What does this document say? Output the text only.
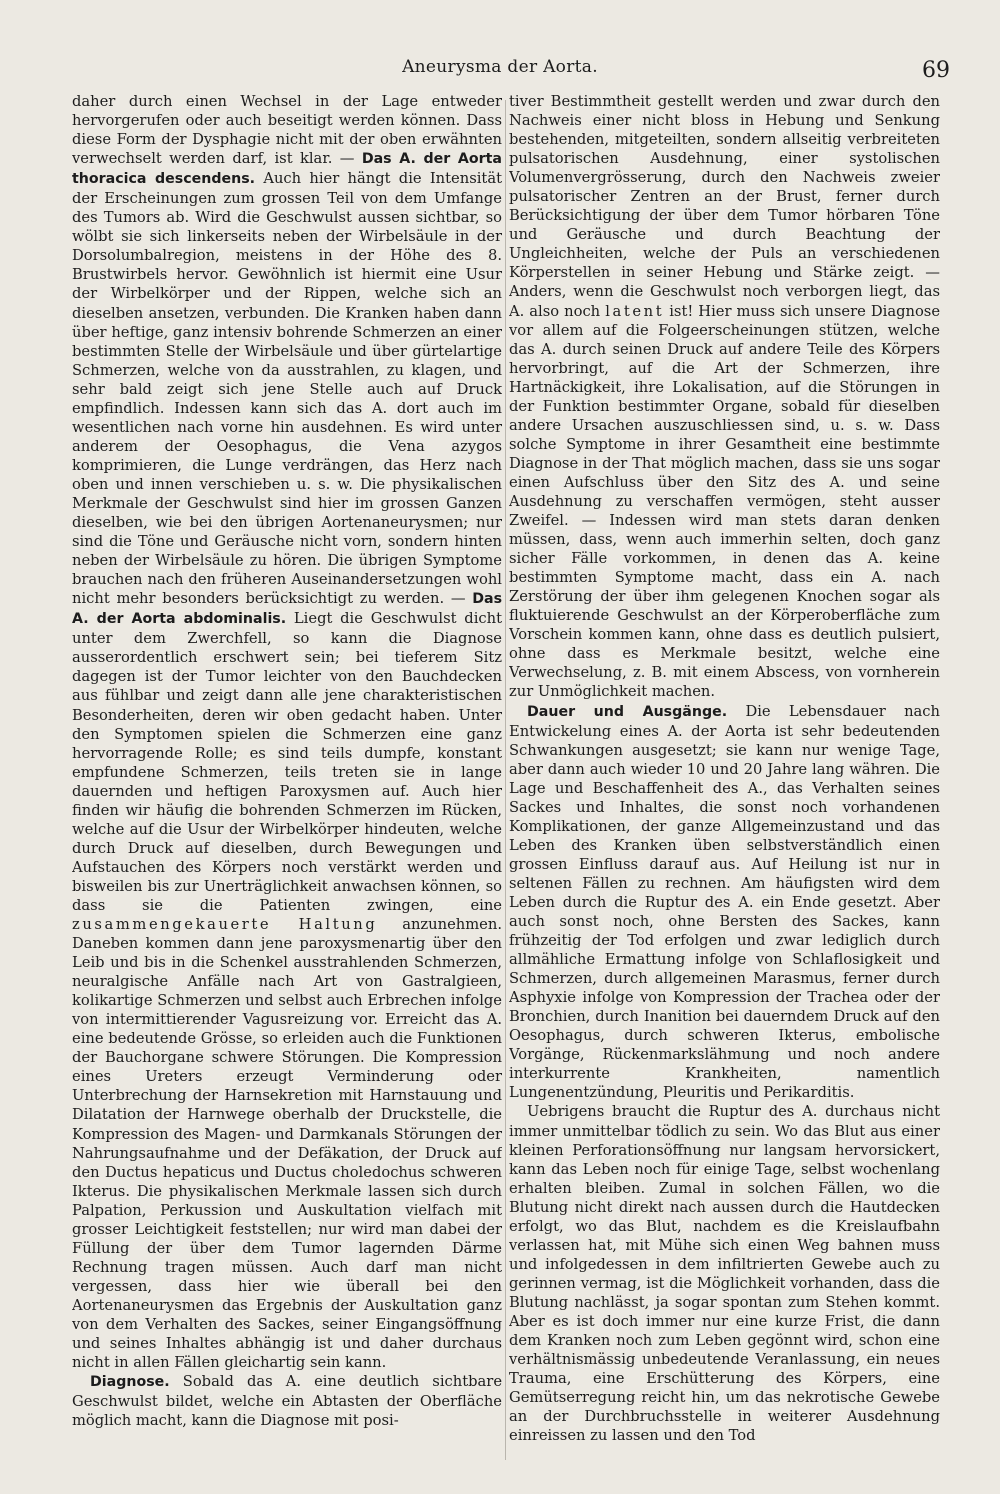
Aneurysma der Aorta.	69

daher durch einen Wechsel in der Lage entweder hervorgerufen oder auch beseitigt werden können. Dass diese Form der Dysphagie nicht mit der oben erwähnten verwechselt werden darf, ist klar. — Das A. der Aorta thoracica descendens. Auch hier hängt die Intensität der Erscheinungen zum grossen Teil von dem Umfange des Tumors ab. Wird die Geschwulst aussen sichtbar, so wölbt sie sich linkerseits neben der Wirbelsäule in der Dorsolumbalregion, meistens in der Höhe des 8. Brustwirbels hervor. Gewöhnlich ist hiermit eine Usur der Wirbelkörper und der Rippen, welche sich an dieselben ansetzen, verbunden. Die Kranken haben dann über heftige, ganz intensiv bohrende Schmerzen an einer bestimmten Stelle der Wirbelsäule und über gürtelartige Schmerzen, welche von da ausstrahlen, zu klagen, und sehr bald zeigt sich jene Stelle auch auf Druck empfindlich. Indessen kann sich das A. dort auch im wesentlichen nach vorne hin ausdehnen. Es wird unter anderem der Oesophagus, die Vena azygos komprimieren, die Lunge verdrängen, das Herz nach oben und innen verschieben u. s. w. Die physikalischen Merkmale der Geschwulst sind hier im grossen Ganzen dieselben, wie bei den übrigen Aortenaneurysmen; nur sind die Töne und Geräusche nicht vorn, sondern hinten neben der Wirbelsäule zu hören. Die übrigen Symptome brauchen nach den früheren Auseinandersetzungen wohl nicht mehr besonders berücksichtigt zu werden. — Das A. der Aorta abdominalis. Liegt die Geschwulst dicht unter dem Zwerchfell, so kann die Diagnose ausserordentlich erschwert sein; bei tieferem Sitz dagegen ist der Tumor leichter von den Bauchdecken aus fühlbar und zeigt dann alle jene charakteristischen Besonderheiten, deren wir oben gedacht haben. Unter den Symptomen spielen die Schmerzen eine ganz hervorragende Rolle; es sind teils dumpfe, konstant empfundene Schmerzen, teils treten sie in lange dauernden und heftigen Paroxysmen auf. Auch hier finden wir häufig die bohrenden Schmerzen im Rücken, welche auf die Usur der Wirbelkörper hindeuten, welche durch Druck auf dieselben, durch Bewegungen und Aufstauchen des Körpers noch verstärkt werden und bisweilen bis zur Unerträglichkeit anwachsen können, so dass sie die Patienten zwingen, eine zusammengekauerte Haltung anzunehmen. Daneben kommen dann jene paroxysmenartig über den Leib und bis in die Schenkel ausstrahlenden Schmerzen, neuralgische Anfälle nach Art von Gastralgieen, kolikartige Schmerzen und selbst auch Erbrechen infolge von intermittierender Vagusreizung vor. Erreicht das A. eine bedeutende Grösse, so erleiden auch die Funktionen der Bauchorgane schwere Störungen. Die Kompression eines Ureters erzeugt Verminderung oder Unterbrechung der Harnsekretion mit Harnstauung und Dilatation der Harnwege oberhalb der Druckstelle, die Kompression des Magen- und Darmkanals Störungen der Nahrungsaufnahme und der Defäkation, der Druck auf den Ductus hepaticus und Ductus choledochus schweren Ikterus. Die physikalischen Merkmale lassen sich durch Palpation, Perkussion und Auskultation vielfach mit grosser Leichtigkeit feststellen; nur wird man dabei der Füllung der über dem Tumor lagernden Därme Rechnung tragen müssen. Auch darf man nicht vergessen, dass hier wie überall bei den Aortenaneurysmen das Ergebnis der Auskultation ganz von dem Verhalten des Sackes, seiner Eingangsöffnung und seines Inhaltes abhängig ist und daher durchaus nicht in allen Fällen gleichartig sein kann.

Diagnose. Sobald das A. eine deutlich sichtbare Geschwulst bildet, welche ein Abtasten der Oberfläche möglich macht, kann die Diagnose mit posi-

tiver Bestimmtheit gestellt werden und zwar durch den Nachweis einer nicht bloss in Hebung und Senkung bestehenden, mitgeteilten, sondern allseitig verbreiteten pulsatorischen Ausdehnung, einer systolischen Volumenvergrösserung, durch den Nachweis zweier pulsatorischer Zentren an der Brust, ferner durch Berücksichtigung der über dem Tumor hörbaren Töne und Geräusche und durch Beachtung der Ungleichheiten, welche der Puls an verschiedenen Körperstellen in seiner Hebung und Stärke zeigt. — Anders, wenn die Geschwulst noch verborgen liegt, das A. also noch latent ist! Hier muss sich unsere Diagnose vor allem auf die Folgeerscheinungen stützen, welche das A. durch seinen Druck auf andere Teile des Körpers hervorbringt, auf die Art der Schmerzen, ihre Hartnäckigkeit, ihre Lokalisation, auf die Störungen in der Funktion bestimmter Organe, sobald für dieselben andere Ursachen auszuschliessen sind, u. s. w. Dass solche Symptome in ihrer Gesamtheit eine bestimmte Diagnose in der That möglich machen, dass sie uns sogar einen Aufschluss über den Sitz des A. und seine Ausdehnung zu verschaffen vermögen, steht ausser Zweifel. — Indessen wird man stets daran denken müssen, dass, wenn auch immerhin selten, doch ganz sicher Fälle vorkommen, in denen das A. keine bestimmten Symptome macht, dass ein A. nach Zerstörung der über ihm gelegenen Knochen sogar als fluktuierende Geschwulst an der Körperoberfläche zum Vorschein kommen kann, ohne dass es deutlich pulsiert, ohne dass es Merkmale besitzt, welche eine Verwechselung, z. B. mit einem Abscess, von vornherein zur Unmöglichkeit machen.

Dauer und Ausgänge. Die Lebensdauer nach Entwickelung eines A. der Aorta ist sehr bedeutenden Schwankungen ausgesetzt; sie kann nur wenige Tage, aber dann auch wieder 10 und 20 Jahre lang währen. Die Lage und Beschaffenheit des A., das Verhalten seines Sackes und Inhaltes, die sonst noch vorhandenen Komplikationen, der ganze Allgemeinzustand und das Leben des Kranken üben selbstverständlich einen grossen Einfluss darauf aus. Auf Heilung ist nur in seltenen Fällen zu rechnen. Am häufigsten wird dem Leben durch die Ruptur des A. ein Ende gesetzt. Aber auch sonst noch, ohne Bersten des Sackes, kann frühzeitig der Tod erfolgen und zwar lediglich durch allmähliche Ermattung infolge von Schlaflosigkeit und Schmerzen, durch allgemeinen Marasmus, ferner durch Asphyxie infolge von Kompression der Trachea oder der Bronchien, durch Inanition bei dauerndem Druck auf den Oesophagus, durch schweren Ikterus, embolische Vorgänge, Rückenmarkslähmung und noch andere interkurrente Krankheiten, namentlich Lungenentzündung, Pleuritis und Perikarditis.

Uebrigens braucht die Ruptur des A. durchaus nicht immer unmittelbar tödlich zu sein. Wo das Blut aus einer kleinen Perforationsöffnung nur langsam hervorsickert, kann das Leben noch für einige Tage, selbst wochenlang erhalten bleiben. Zumal in solchen Fällen, wo die Blutung nicht direkt nach aussen durch die Hautdecken erfolgt, wo das Blut, nachdem es die Kreislaufbahn verlassen hat, mit Mühe sich einen Weg bahnen muss und infolgedessen in dem infiltrierten Gewebe auch zu gerinnen vermag, ist die Möglichkeit vorhanden, dass die Blutung nachlässt, ja sogar spontan zum Stehen kommt. Aber es ist doch immer nur eine kurze Frist, die dann dem Kranken noch zum Leben gegönnt wird, schon eine verhältnismässig unbedeutende Veranlassung, ein neues Trauma, eine Erschütterung des Körpers, eine Gemütserregung reicht hin, um das nekrotische Gewebe an der Durchbruchsstelle in weiterer Ausdehnung einreissen zu lassen und den Tod
